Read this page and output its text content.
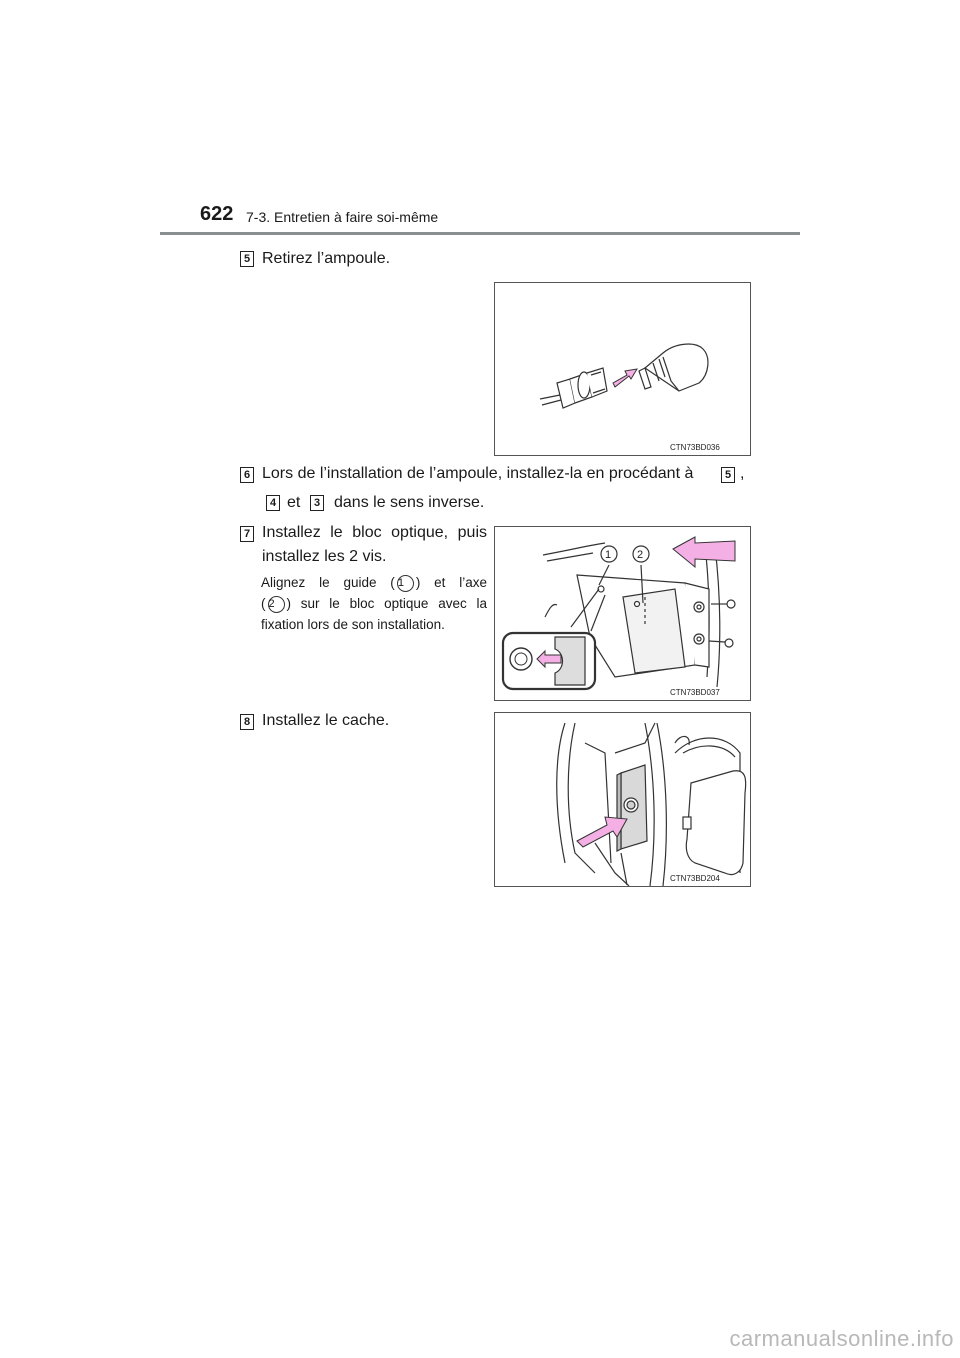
622 7-3. Entretien à faire soi-même
5 Retirez l’ampoule.
CTN73BD036
6 Lors de l’installation de l’ampoule, installez-la en procédant à	5 ,
4 et	3 dans le sens inverse.
7 Installez le bloc optique, puis
installez les 2 vis.
Alignez le guide ( 1 ) et l’axe
( 2 ) sur le bloc optique avec la
fixation lors de son installation.
1 2
CTN73BD037
8 Installez le cache.
CTN73BD204
carmanualsonline.info
